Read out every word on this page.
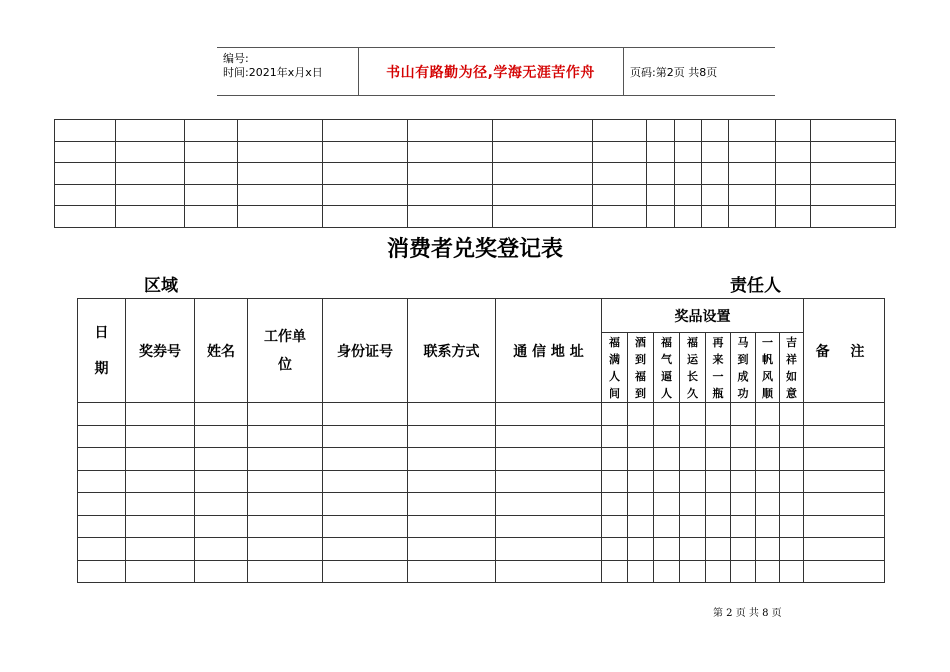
编号:
时间:2021年x月x日	书山有路勤为径,学海无涯苦作舟	页码:第2页 共8页

消费者兑奖登记表
区域	责任人
日期	奖券号	姓名	工作单位	身份证号	联系方式	通 信 地 址	奖品设置								备 注

							福满人间	酒到福到	福气逼人	福运长久	再来一瓶	马到成功	一帆风顺	吉祥如意	

第 2 页 共 8 页
